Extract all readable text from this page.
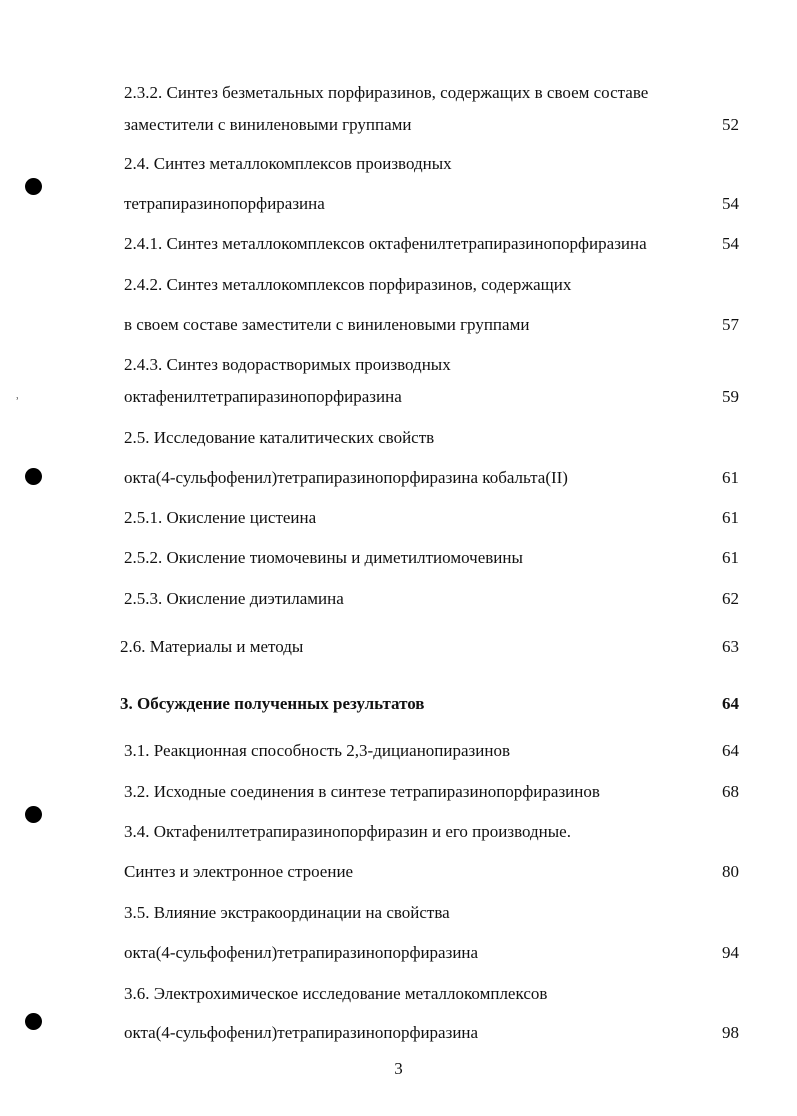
ʾ
2.3.2. Синтез безметальных порфиразинов, содержащих в своем составе
заместители с виниленовыми группами	52
2.4. Синтез металлокомплексов производных
тетрапиразинопорфиразина	54
2.4.1. Синтез металлокомплексов октафенилтетрапиразинопорфиразина	54
2.4.2. Синтез металлокомплексов порфиразинов, содержащих
в своем составе заместители с виниленовыми группами	57
2.4.3. Синтез водорастворимых производных
октафенилтетрапиразинопорфиразина	59
2.5. Исследование каталитических свойств
окта(4-сульфофенил)тетрапиразинопорфиразина кобальта(II)	61
2.5.1. Окисление цистеина	61
2.5.2. Окисление тиомочевины и диметилтиомочевины	61
2.5.3. Окисление диэтиламина	62
2.6. Материалы и методы	63
3. Обсуждение полученных результатов	64
3.1. Реакционная способность 2,3-дицианопиразинов	64
3.2. Исходные соединения в синтезе тетрапиразинопорфиразинов	68
3.4. Октафенилтетрапиразинопорфиразин и его производные.
Синтез и электронное строение	80
3.5. Влияние экстракоординации на свойства
окта(4-сульфофенил)тетрапиразинопорфиразина	94
3.6. Электрохимическое исследование металлокомплексов
окта(4-сульфофенил)тетрапиразинопорфиразина	98
3
